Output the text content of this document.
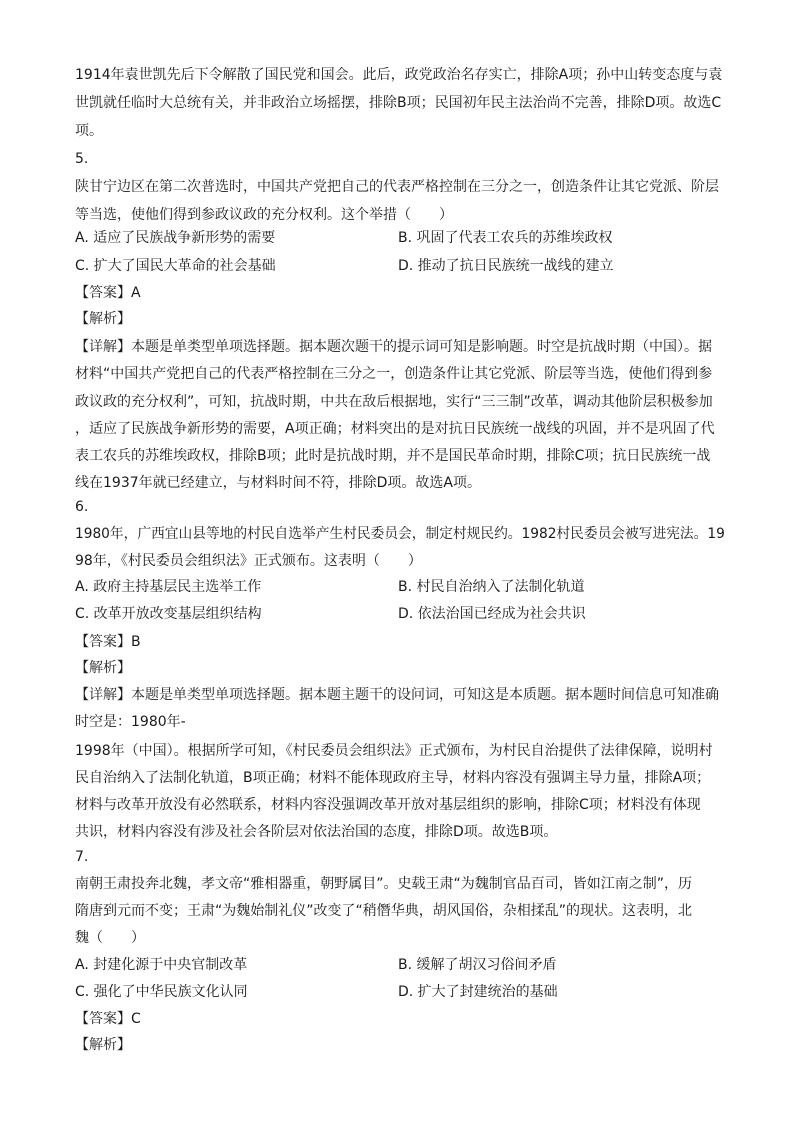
1914年袁世凯先后下令解散了国民党和国会。此后，政党政治名存实亡，排除A项；孙中山转变态度与袁
世凯就任临时大总统有关，并非政治立场摇摆，排除B项；民国初年民主法治尚不完善，排除D项。故选C
项。
5.
陕甘宁边区在第二次普选时，中国共产党把自己的代表严格控制在三分之一，创造条件让其它党派、阶层
等当选，使他们得到参政议政的充分权利。这个举措（　　）
A. 适应了民族战争新形势的需要	B. 巩固了代表工农兵的苏维埃政权
C. 扩大了国民大革命的社会基础	D. 推动了抗日民族统一战线的建立
【答案】A
【解析】
【详解】本题是单类型单项选择题。据本题次题干的提示词可知是影响题。时空是抗战时期（中国）。据
材料“中国共产党把自己的代表严格控制在三分之一，创造条件让其它党派、阶层等当选，使他们得到参
政议政的充分权利”，可知，抗战时期，中共在敌后根据地，实行“三三制”改革，调动其他阶层积极参加
，适应了民族战争新形势的需要，A项正确；材料突出的是对抗日民族统一战线的巩固，并不是巩固了代
表工农兵的苏维埃政权，排除B项；此时是抗战时期，并不是国民革命时期，排除C项；抗日民族统一战
线在1937年就已经建立，与材料时间不符，排除D项。故选A项。
6.
1980年，广西宜山县等地的村民自选举产生村民委员会，制定村规民约。1982村民委员会被写进宪法。19
98年，《村民委员会组织法》正式颁布。这表明（　　）
A. 政府主持基层民主选举工作	B. 村民自治纳入了法制化轨道
C. 改革开放改变基层组织结构	D. 依法治国已经成为社会共识
【答案】B
【解析】
【详解】本题是单类型单项选择题。据本题主题干的设问词，可知这是本质题。据本题时间信息可知准确
时空是：1980年-
1998年（中国）。根据所学可知，《村民委员会组织法》正式颁布，为村民自治提供了法律保障，说明村
民自治纳入了法制化轨道，B项正确；材料不能体现政府主导，材料内容没有强调主导力量，排除A项；
材料与改革开放没有必然联系，材料内容没强调改革开放对基层组织的影响，排除C项；材料没有体现
共识，材料内容没有涉及社会各阶层对依法治国的态度，排除D项。故选B项。
7.
南朝王肃投奔北魏，孝文帝“雅相器重，朝野属目”。史载王肃“为魏制官品百司，皆如江南之制”，历
隋唐到元而不变；王肃“为魏始制礼仪”改变了“稍僭华典，胡风国俗，杂相揉乱”的现状。这表明，北
魏（　　）
A. 封建化源于中央官制改革	B. 缓解了胡汉习俗间矛盾
C. 强化了中华民族文化认同	D. 扩大了封建统治的基础
【答案】C
【解析】
